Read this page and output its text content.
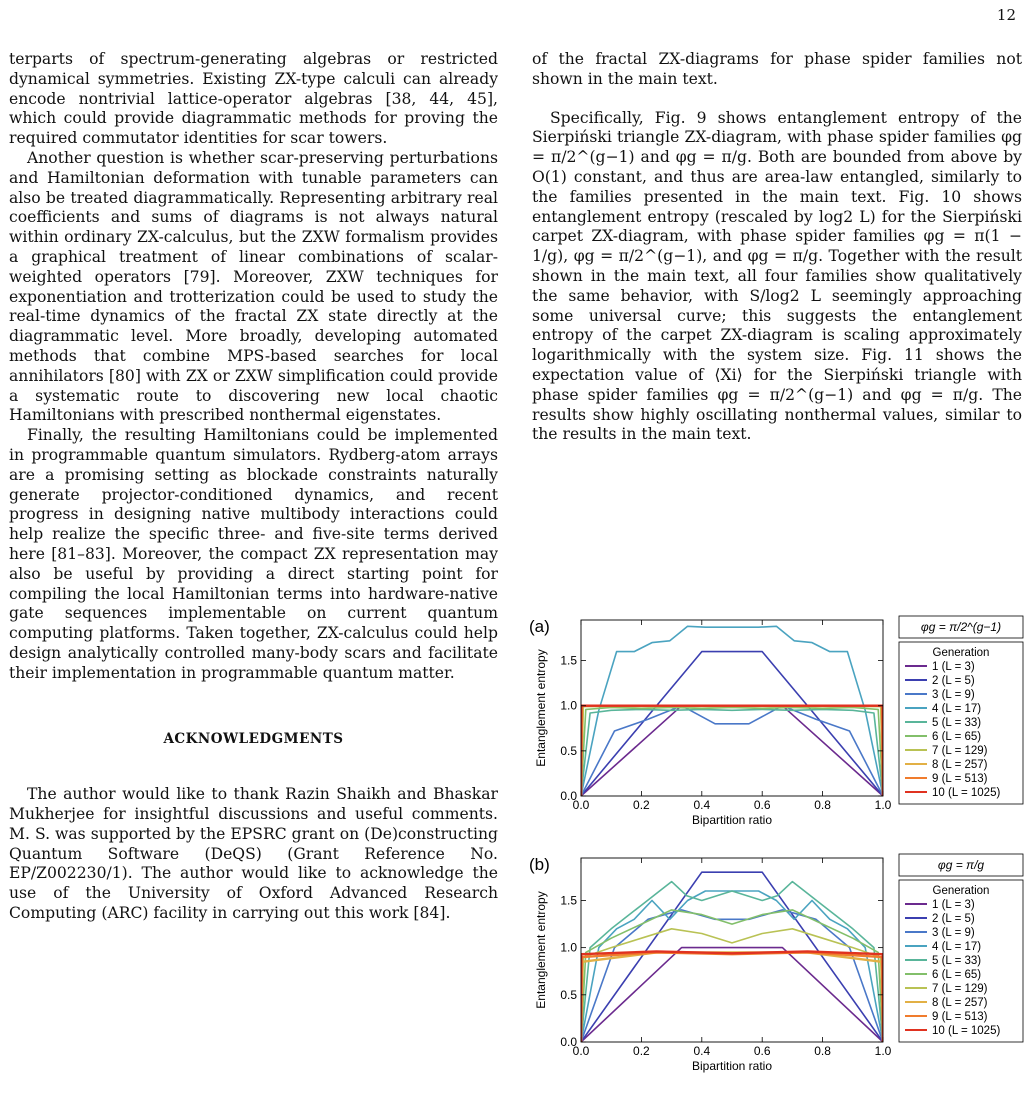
12

terparts of spectrum-generating algebras or restricted dynamical symmetries. Existing ZX-type calculi can already encode nontrivial lattice-operator algebras [38, 44, 45], which could provide diagrammatic methods for proving the required commutator identities for scar towers.

Another question is whether scar-preserving perturbations and Hamiltonian deformation with tunable parameters can also be treated diagrammatically. Representing arbitrary real coefficients and sums of diagrams is not always natural within ordinary ZX-calculus, but the ZXW formalism provides a graphical treatment of linear combinations of scalar-weighted operators [79]. Moreover, ZXW techniques for exponentiation and trotterization could be used to study the real-time dynamics of the fractal ZX state directly at the diagrammatic level. More broadly, developing automated methods that combine MPS-based searches for local annihilators [80] with ZX or ZXW simplification could provide a systematic route to discovering new local chaotic Hamiltonians with prescribed nonthermal eigenstates.

Finally, the resulting Hamiltonians could be implemented in programmable quantum simulators. Rydberg-atom arrays are a promising setting as blockade constraints naturally generate projector-conditioned dynamics, and recent progress in designing native multibody interactions could help realize the specific three- and five-site terms derived here [81–83]. Moreover, the compact ZX representation may also be useful by providing a direct starting point for compiling the local Hamiltonian terms into hardware-native gate sequences implementable on current quantum computing platforms. Taken together, ZX-calculus could help design analytically controlled many-body scars and facilitate their implementation in programmable quantum matter.

ACKNOWLEDGMENTS

The author would like to thank Razin Shaikh and Bhaskar Mukherjee for insightful discussions and useful comments. M. S. was supported by the EPSRC grant on (De)constructing Quantum Software (DeQS) (Grant Reference No. EP/Z002230/1). The author would like to acknowledge the use of the University of Oxford Advanced Research Computing (ARC) facility in carrying out this work [84].

of the fractal ZX-diagrams for phase spider families not shown in the main text.

Specifically, Fig. 9 shows entanglement entropy of the Sierpiński triangle ZX-diagram, with phase spider families φg = π/2^(g−1) and φg = π/g. Both are bounded from above by O(1) constant, and thus are area-law entangled, similarly to the families presented in the main text. Fig. 10 shows entanglement entropy (rescaled by log2 L) for the Sierpiński carpet ZX-diagram, with phase spider families φg = π(1 − 1/g), φg = π/2^(g−1), and φg = π/g. Together with the result shown in the main text, all four families show qualitatively the same behavior, with S/log2 L seemingly approaching some universal curve; this suggests the entanglement entropy of the carpet ZX-diagram is scaling approximately logarithmically with the system size. Fig. 11 shows the expectation value of ⟨Xi⟩ for the Sierpiński triangle with phase spider families φg = π/2^(g−1) and φg = π/g. The results show highly oscillating nonthermal values, similar to the results in the main text.

(a)
0.0	0.2	0.4	0.6	0.8	1.0
0.0
0.5
1.0
1.5
Bipartition ratio
Entanglement entropy
φg = π/2^(g−1)
Generation
1 (L = 3)
2 (L = 5)
3 (L = 9)
4 (L = 17)
5 (L = 33)
6 (L = 65)
7 (L = 129)
8 (L = 257)
9 (L = 513)
10 (L = 1025)
(b)
0.0	0.2	0.4	0.6	0.8	1.0
0.0
0.5
1.0
1.5
Bipartition ratio
Entanglement entropy
φg = π/g
Generation
1 (L = 3)
2 (L = 5)
3 (L = 9)
4 (L = 17)
5 (L = 33)
6 (L = 65)
7 (L = 129)
8 (L = 257)
9 (L = 513)
10 (L = 1025)
